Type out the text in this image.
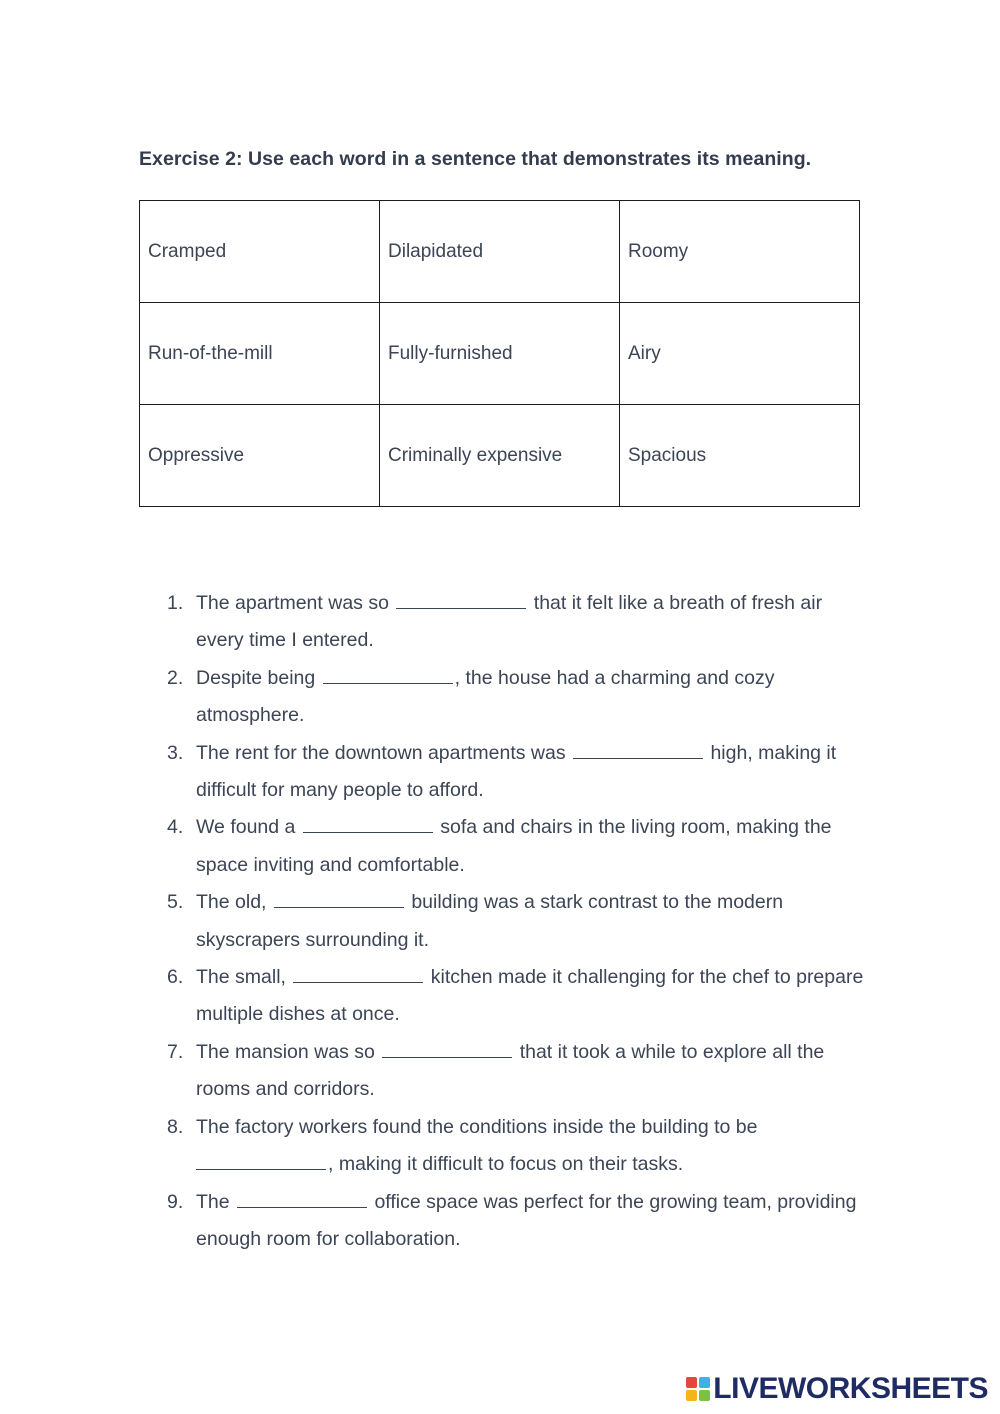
Exercise 2: Use each word in a sentence that demonstrates its meaning.
Cramped	Dilapidated	Roomy
Run-of-the-mill	Fully-furnished	Airy
Oppressive	Criminally expensive	Spacious
1. The apartment was so	that it felt like a breath of fresh air every time I entered.
2. Despite being	, the house had a charming and cozy atmosphere.
3. The rent for the downtown apartments was	high, making it difficult for many people to afford.
4. We found a	sofa and chairs in the living room, making the space inviting and comfortable.
5. The old,	building was a stark contrast to the modern skyscrapers surrounding it.
6. The small,	kitchen made it challenging for the chef to prepare multiple dishes at once.
7. The mansion was so	that it took a while to explore all the rooms and corridors.
8. The factory workers found the conditions inside the building to be
, making it difficult to focus on their tasks.
9. The	office space was perfect for the growing team, providing enough room for collaboration.
LIVEWORKSHEETS
